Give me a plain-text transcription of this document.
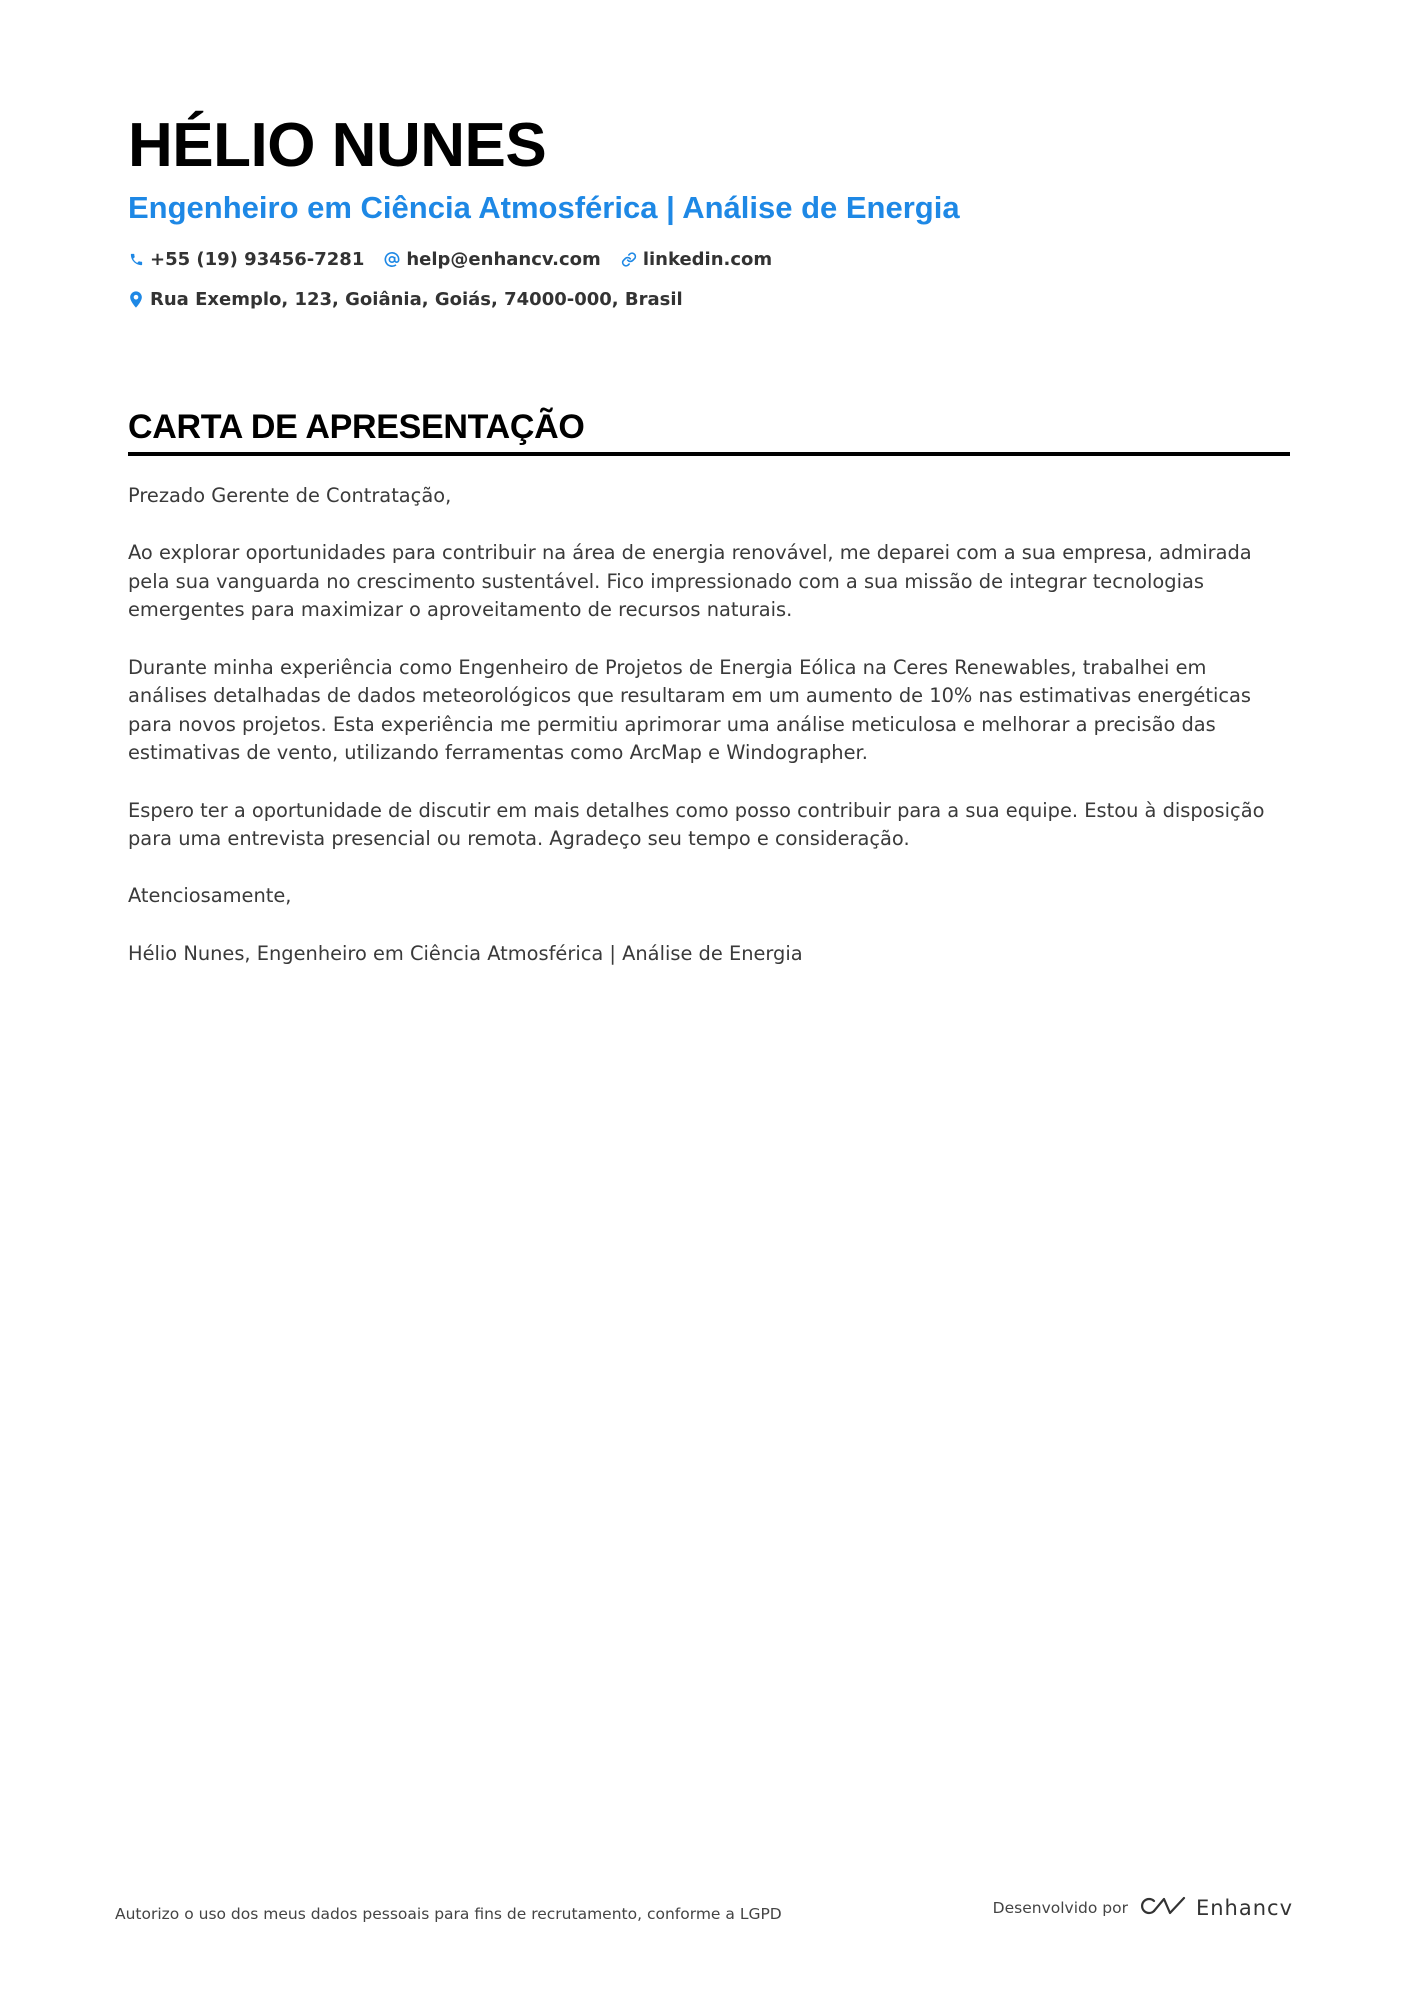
HÉLIO NUNES
Engenheiro em Ciência Atmosférica | Análise de Energia
+55 (19) 93456-7281 help@enhancv.com linkedin.com
Rua Exemplo, 123, Goiânia, Goiás, 74000-000, Brasil
CARTA DE APRESENTAÇÃO

Prezado Gerente de Contratação,

Ao explorar oportunidades para contribuir na área de energia renovável, me deparei com a sua empresa, admirada pela sua vanguarda no crescimento sustentável. Fico impressionado com a sua missão de integrar tecnologias emergentes para maximizar o aproveitamento de recursos naturais.

Durante minha experiência como Engenheiro de Projetos de Energia Eólica na Ceres Renewables, trabalhei em análises detalhadas de dados meteorológicos que resultaram em um aumento de 10% nas estimativas energéticas para novos projetos. Esta experiência me permitiu aprimorar uma análise meticulosa e melhorar a precisão das estimativas de vento, utilizando ferramentas como ArcMap e Windographer.

Espero ter a oportunidade de discutir em mais detalhes como posso contribuir para a sua equipe. Estou à disposição para uma entrevista presencial ou remota. Agradeço seu tempo e consideração.

Atenciosamente,

Hélio Nunes, Engenheiro em Ciência Atmosférica | Análise de Energia

Autorizo o uso dos meus dados pessoais para fins de recrutamento, conforme a LGPD	Desenvolvido por	Enhancv
